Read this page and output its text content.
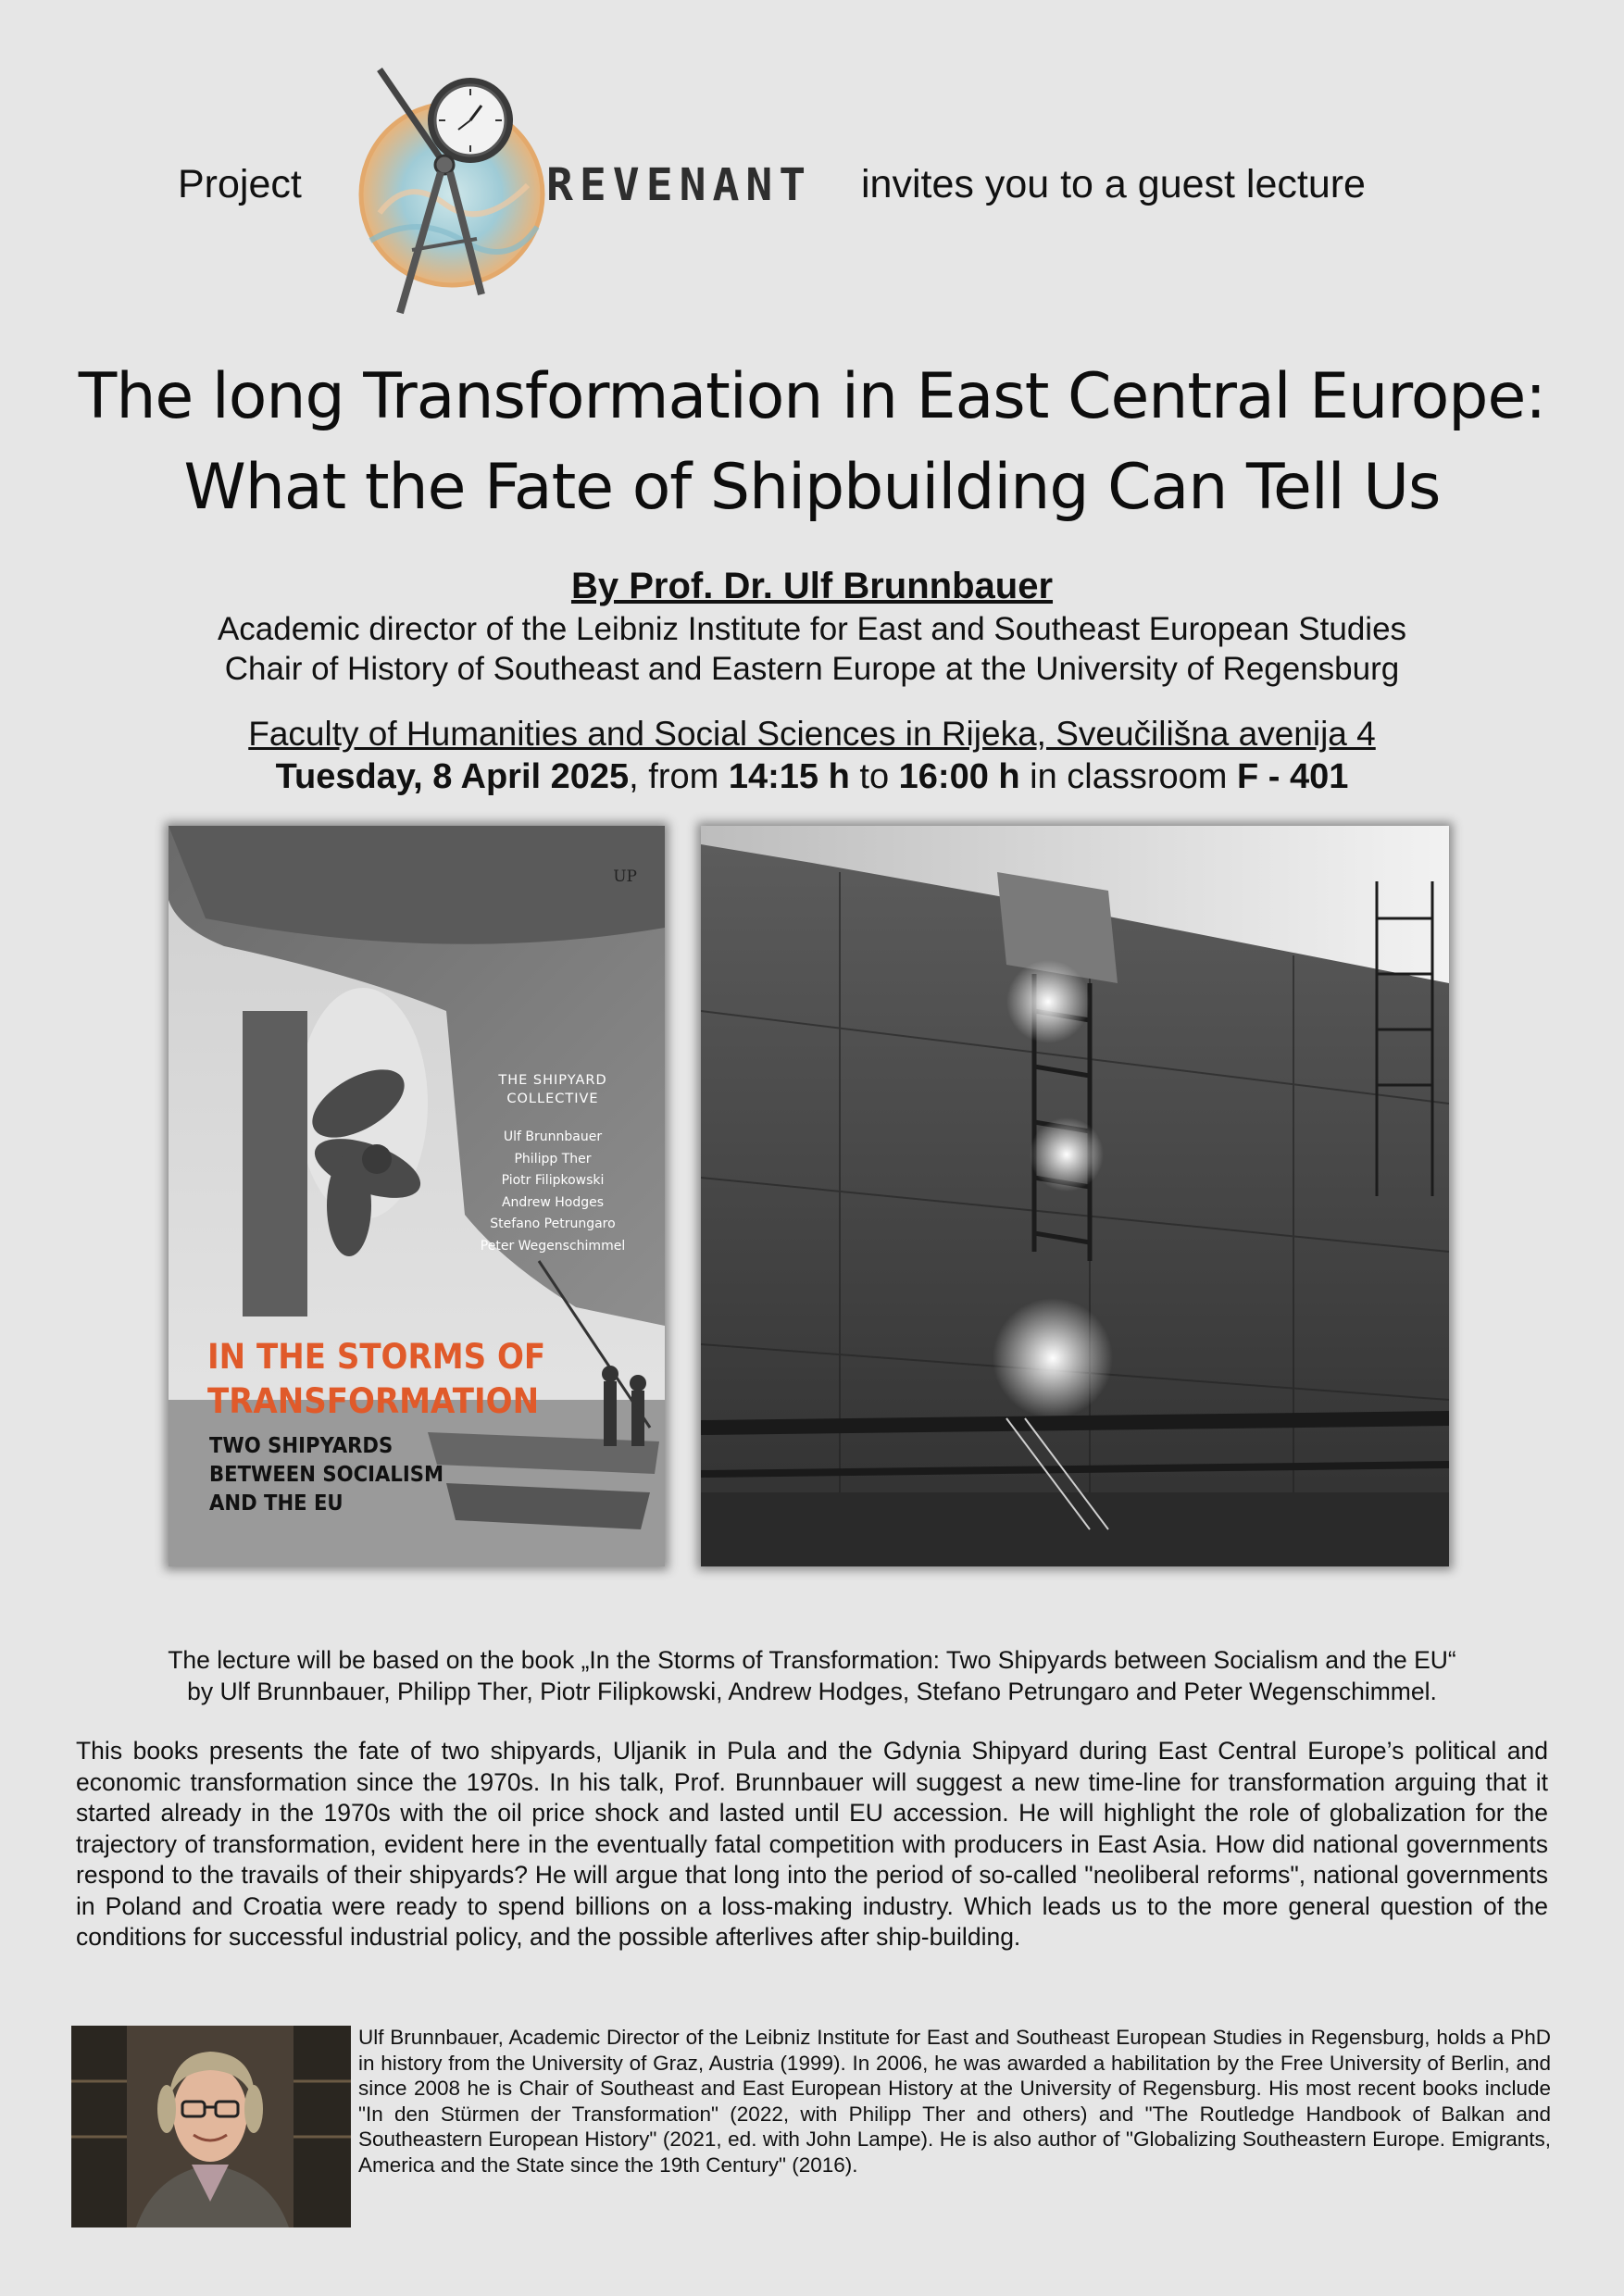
Project	REVENANT invites you to a guest lecture
The long Transformation in East Central Europe:
What the Fate of Shipbuilding Can Tell Us
By Prof. Dr. Ulf Brunnbauer
Academic director of the Leibniz Institute for East and Southeast European Studies
Chair of History of Southeast and Eastern Europe at the University of Regensburg
Faculty of Humanities and Social Sciences in Rijeka, Sveučilišna avenija 4
Tuesday, 8 April 2025, from 14:15 h to 16:00 h in classroom F - 401
UP
THE SHIPYARD
COLLECTIVE
Ulf Brunnbauer
Philipp Ther
Piotr Filipkowski
Andrew Hodges
Stefano Petrungaro
Peter Wegenschimmel
IN THE STORMS OF
TRANSFORMATION
TWO SHIPYARDS
BETWEEN SOCIALISM
AND THE EU
The lecture will be based on the book „In the Storms of Transformation: Two Shipyards between Socialism and the EU“
by Ulf Brunnbauer, Philipp Ther, Piotr Filipkowski, Andrew Hodges, Stefano Petrungaro and Peter Wegenschimmel.
This books presents the fate of two shipyards, Uljanik in Pula and the Gdynia Shipyard during East Central Europe’s political and economic transformation since the 1970s. In his talk, Prof. Brunnbauer will suggest a new time-line for transformation arguing that it started already in the 1970s with the oil price shock and lasted until EU accession. He will highlight the role of globalization for the trajectory of transformation, evident here in the eventually fatal competition with producers in East Asia. How did national governments respond to the travails of their shipyards? He will argue that long into the period of so-called "neoliberal reforms", national governments in Poland and Croatia were ready to spend billions on a loss-making industry. Which leads us to the more general question of the conditions for successful industrial policy, and the possible afterlives after ship-building.
Ulf Brunnbauer, Academic Director of the Leibniz Institute for East and Southeast European Studies in Regensburg, holds a PhD in history from the University of Graz, Austria (1999). In 2006, he was awarded a habilitation by the Free University of Berlin, and since 2008 he is Chair of Southeast and East European History at the University of Regensburg. His most recent books include "In den Stürmen der Transformation" (2022, with Philipp Ther and others) and "The Routledge Handbook of Balkan and Southeastern European History" (2021, ed. with John Lampe). He is also author of "Globalizing Southeastern Europe. Emigrants, America and the State since the 19th Century" (2016).
